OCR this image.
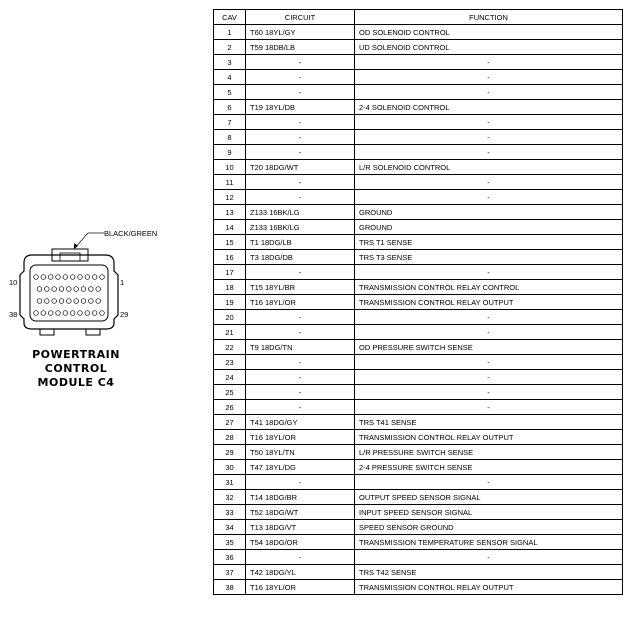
BLACK/GREEN
10	1
38	29
POWERTRAIN
CONTROL
MODULE C4
CAV	CIRCUIT	FUNCTION
1	T60 18YL/GY	OD SOLENOID CONTROL
2	T59 18DB/LB	UD SOLENOID CONTROL
3	-	-
4	-	-
5	-	-
6	T19 18YL/DB	2-4 SOLENOID CONTROL
7	-	-
8	-	-
9	-	-
10	T20 18DG/WT	L/R SOLENOID CONTROL
11	-	-
12	-	-
13	Z133 16BK/LG	GROUND
14	Z133 16BK/LG	GROUND
15	T1 18DG/LB	TRS T1 SENSE
16	T3 18DG/DB	TRS T3 SENSE
17	-	-
18	T15 18YL/BR	TRANSMISSION CONTROL RELAY CONTROL
19	T16 18YL/OR	TRANSMISSION CONTROL RELAY OUTPUT
20	-	-
21	-	-
22	T9 18DG/TN	OD PRESSURE SWITCH SENSE
23	-	-
24	-	-
25	-	-
26	-	-
27	T41 18DG/GY	TRS T41 SENSE
28	T16 18YL/OR	TRANSMISSION CONTROL RELAY OUTPUT
29	T50 18YL/TN	L/R PRESSURE SWITCH SENSE
30	T47 18YL/DG	2-4 PRESSURE SWITCH SENSE
31	-	-
32	T14 18DG/BR	OUTPUT SPEED SENSOR SIGNAL
33	T52 18DG/WT	INPUT SPEED SENSOR SIGNAL
34	T13 18DG/VT	SPEED SENSOR GROUND
35	T54 18DG/OR	TRANSMISSION TEMPERATURE SENSOR SIGNAL
36	-	-
37	T42 18DG/YL	TRS T42 SENSE
38	T16 18YL/OR	TRANSMISSION CONTROL RELAY OUTPUT
